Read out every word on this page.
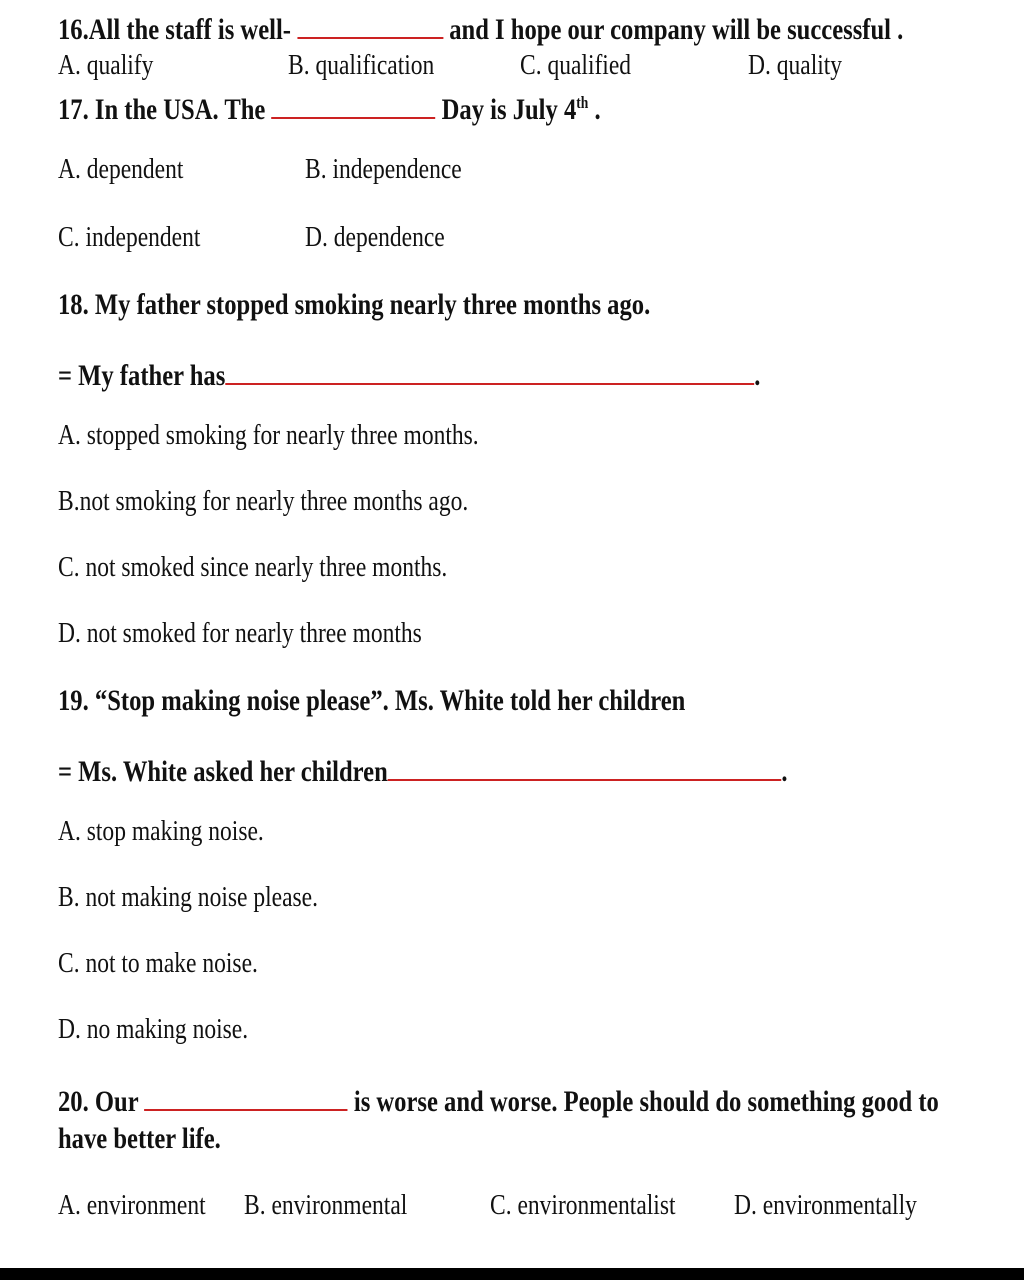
16.All the staff is well-	and I hope our company will be successful .
A. qualify	B. qualification	C. qualified	D. quality
17. In the USA. The	Day is July 4th .
A. dependent	B. independence
C. independent	D. dependence
18. My father stopped smoking nearly three months ago.
= My father has	.
A. stopped smoking for nearly three months.
B.not smoking for nearly three months ago.
C. not smoked since nearly three months.
D. not smoked for nearly three months
19. “Stop making noise please”. Ms. White told her children
= Ms. White asked her children	.
A. stop making noise.
B. not making noise please.
C. not to make noise.
D. no making noise.
20. Our	is worse and worse. People should do something good to
have better life.
A. environment B. environmental	C. environmentalist D. environmentally
